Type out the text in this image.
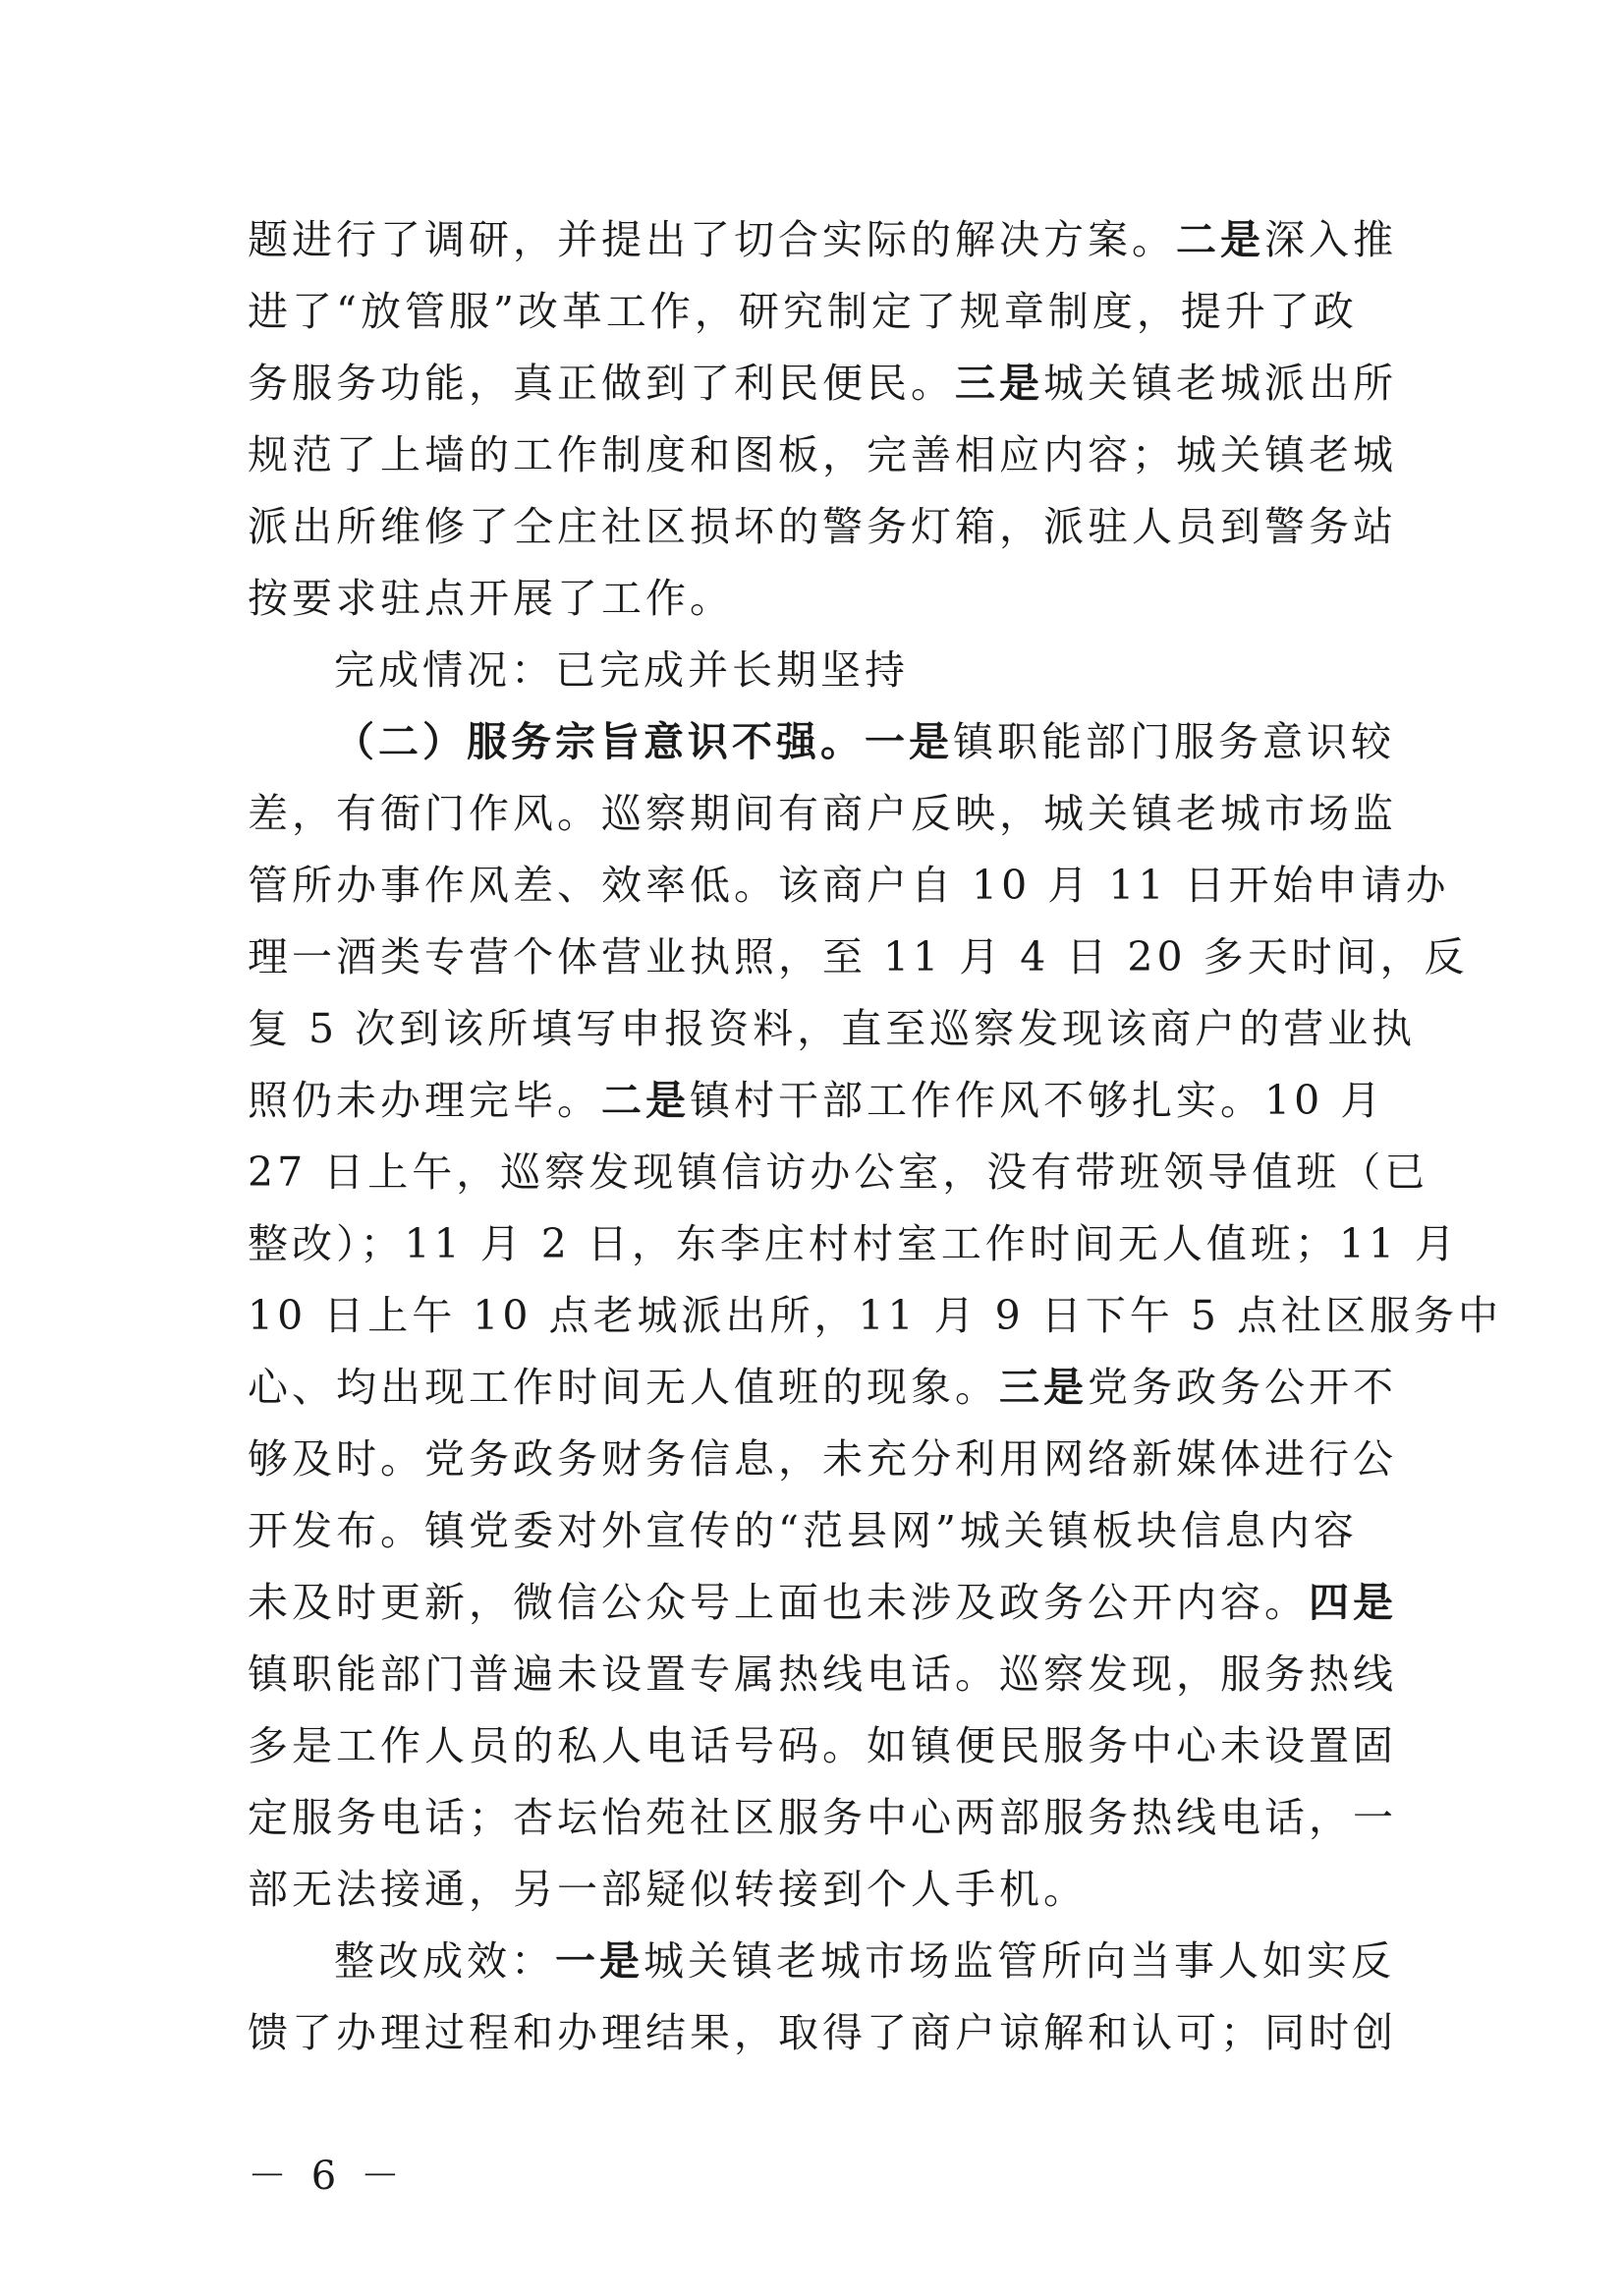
题进行了调研，并提出了切合实际的解决方案。二是深入推
进了“放管服”改革工作，研究制定了规章制度，提升了政
务服务功能，真正做到了利民便民。三是城关镇老城派出所
规范了上墙的工作制度和图板，完善相应内容；城关镇老城
派出所维修了仝庄社区损坏的警务灯箱，派驻人员到警务站
按要求驻点开展了工作。
完成情况：已完成并长期坚持
（二）服务宗旨意识不强。一是镇职能部门服务意识较
差，有衙门作风。巡察期间有商户反映，城关镇老城市场监
管所办事作风差、效率低。该商户自 10 月 11 日开始申请办
理一酒类专营个体营业执照，至 11 月 4 日 20 多天时间，反
复 5 次到该所填写申报资料，直至巡察发现该商户的营业执
照仍未办理完毕。二是镇村干部工作作风不够扎实。10 月
27 日上午，巡察发现镇信访办公室，没有带班领导值班（已
整改）；11 月 2 日，东李庄村村室工作时间无人值班；11 月
10 日上午 10 点老城派出所，11 月 9 日下午 5 点社区服务中
心、均出现工作时间无人值班的现象。三是党务政务公开不
够及时。党务政务财务信息，未充分利用网络新媒体进行公
开发布。镇党委对外宣传的“范县网”城关镇板块信息内容
未及时更新，微信公众号上面也未涉及政务公开内容。四是
镇职能部门普遍未设置专属热线电话。巡察发现，服务热线
多是工作人员的私人电话号码。如镇便民服务中心未设置固
定服务电话；杏坛怡苑社区服务中心两部服务热线电话，一
部无法接通，另一部疑似转接到个人手机。
整改成效：一是城关镇老城市场监管所向当事人如实反
馈了办理过程和办理结果，取得了商户谅解和认可；同时创
－ 6 －
